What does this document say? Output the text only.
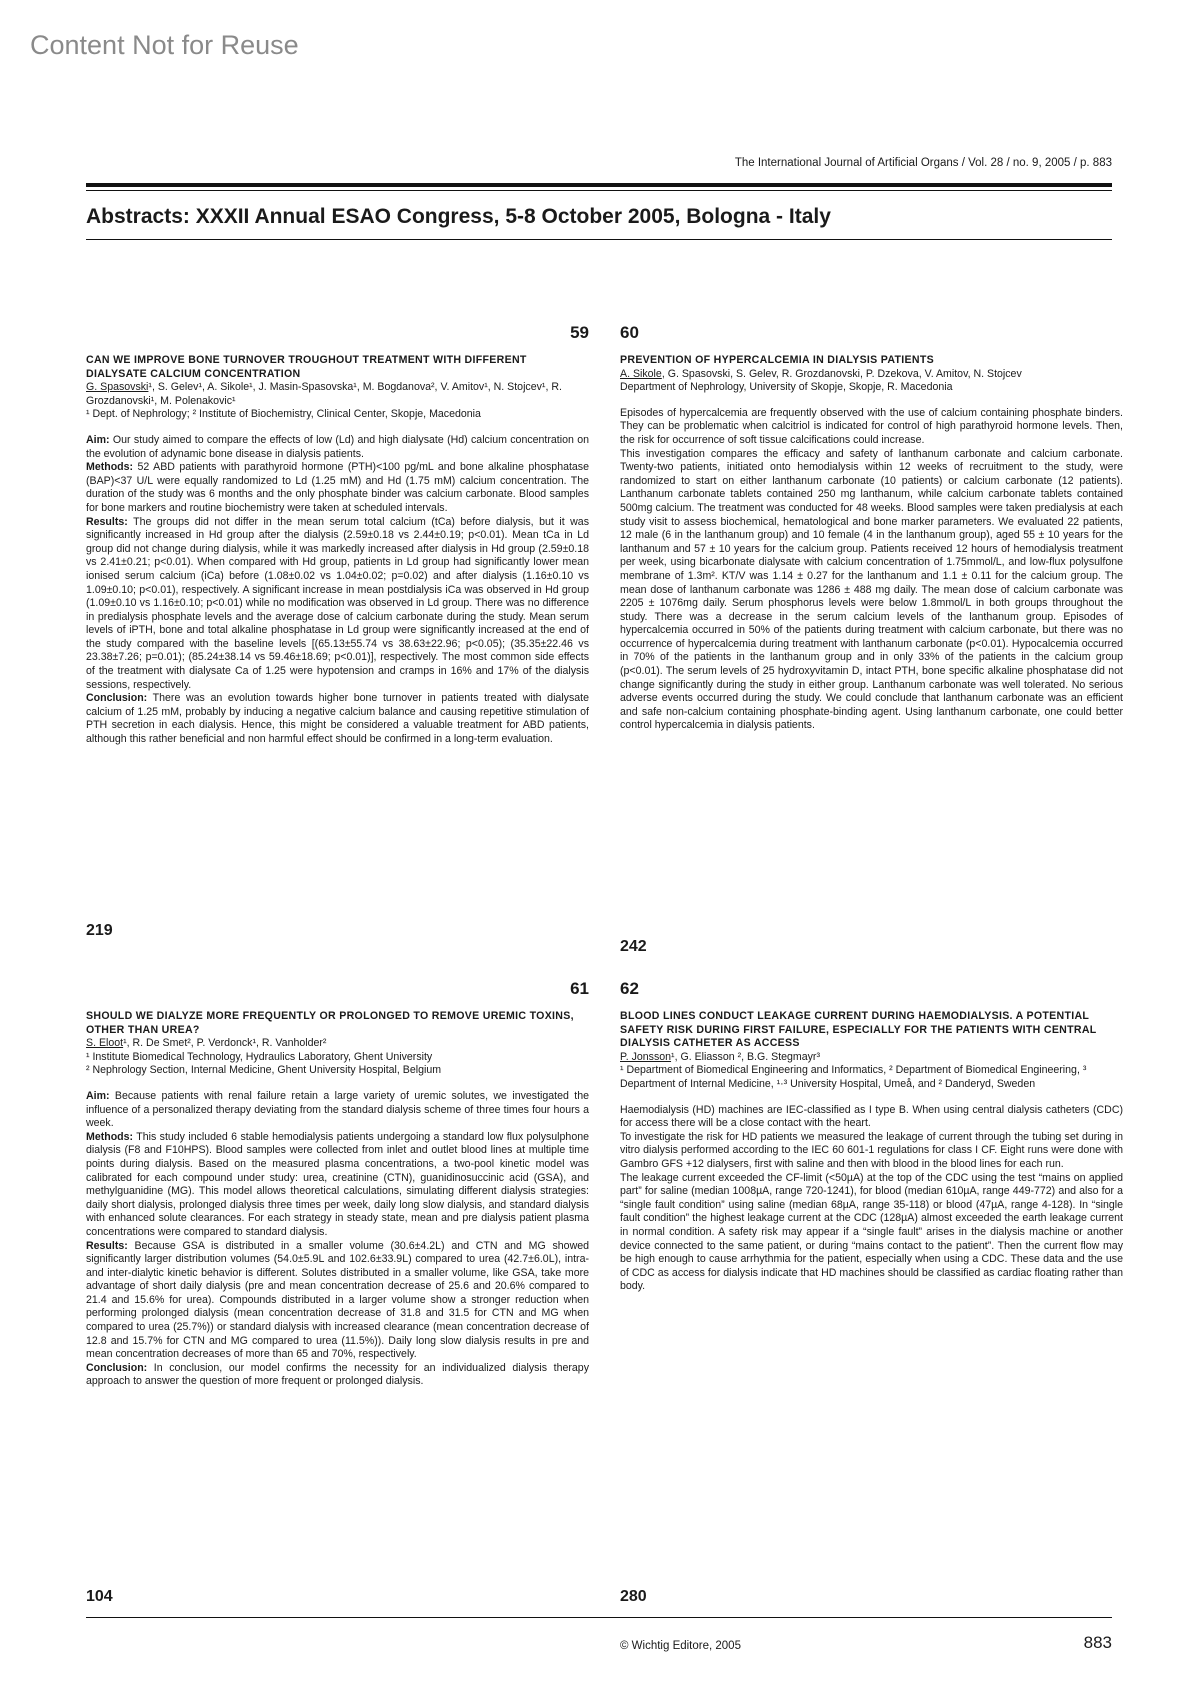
Content Not for Reuse
The International Journal of Artificial Organs / Vol. 28 / no. 9, 2005 / p. 883
Abstracts: XXXII Annual ESAO Congress, 5-8 October 2005, Bologna - Italy
59
CAN WE IMPROVE BONE TURNOVER TROUGHOUT TREATMENT WITH DIFFERENT DIALYSATE CALCIUM CONCENTRATION
G. Spasovski¹, S. Gelev¹, A. Sikole¹, J. Masin-Spasovska¹, M. Bogdanova², V. Amitov¹, N. Stojcev¹, R. Grozdanovski¹, M. Polenakovic¹
¹ Dept. of Nephrology; ² Institute of Biochemistry, Clinical Center, Skopje, Macedonia

Aim: Our study aimed to compare the effects of low (Ld) and high dialysate (Hd) calcium concentration on the evolution of adynamic bone disease in dialysis patients.

Methods: 52 ABD patients with parathyroid hormone (PTH)<100 pg/mL and bone alkaline phosphatase (BAP)<37 U/L were equally randomized to Ld (1.25 mM) and Hd (1.75 mM) calcium concentration. The duration of the study was 6 months and the only phosphate binder was calcium carbonate. Blood samples for bone markers and routine biochemistry were taken at scheduled intervals.

Results: The groups did not differ in the mean serum total calcium (tCa) before dialysis, but it was significantly increased in Hd group after the dialysis (2.59±0.18 vs 2.44±0.19; p<0.01). Mean tCa in Ld group did not change during dialysis, while it was markedly increased after dialysis in Hd group (2.59±0.18 vs 2.41±0.21; p<0.01). When compared with Hd group, patients in Ld group had significantly lower mean ionised serum calcium (iCa) before (1.08±0.02 vs 1.04±0.02; p=0.02) and after dialysis (1.16±0.10 vs 1.09±0.10; p<0.01), respectively. A significant increase in mean postdialysis iCa was observed in Hd group (1.09±0.10 vs 1.16±0.10; p<0.01) while no modification was observed in Ld group. There was no difference in predialysis phosphate levels and the average dose of calcium carbonate during the study. Mean serum levels of iPTH, bone and total alkaline phosphatase in Ld group were significantly increased at the end of the study compared with the baseline levels [(65.13±55.74 vs 38.63±22.96; p<0.05); (35.35±22.46 vs 23.38±7.26; p=0.01); (85.24±38.14 vs 59.46±18.69; p<0.01)], respectively. The most common side effects of the treatment with dialysate Ca of 1.25 were hypotension and cramps in 16% and 17% of the dialysis sessions, respectively.

Conclusion: There was an evolution towards higher bone turnover in patients treated with dialysate calcium of 1.25 mM, probably by inducing a negative calcium balance and causing repetitive stimulation of PTH secretion in each dialysis. Hence, this might be considered a valuable treatment for ABD patients, although this rather beneficial and non harmful effect should be confirmed in a long-term evaluation.

60
PREVENTION OF HYPERCALCEMIA IN DIALYSIS PATIENTS
A. Sikole, G. Spasovski, S. Gelev, R. Grozdanovski, P. Dzekova, V. Amitov, N. Stojcev
Department of Nephrology, University of Skopje, Skopje, R. Macedonia

Episodes of hypercalcemia are frequently observed with the use of calcium containing phosphate binders. They can be problematic when calcitriol is indicated for control of high parathyroid hormone levels. Then, the risk for occurrence of soft tissue calcifications could increase.

This investigation compares the efficacy and safety of lanthanum carbonate and calcium carbonate. Twenty-two patients, initiated onto hemodialysis within 12 weeks of recruitment to the study, were randomized to start on either lanthanum carbonate (10 patients) or calcium carbonate (12 patients). Lanthanum carbonate tablets contained 250 mg lanthanum, while calcium carbonate tablets contained 500mg calcium. The treatment was conducted for 48 weeks. Blood samples were taken predialysis at each study visit to assess biochemical, hematological and bone marker parameters. We evaluated 22 patients, 12 male (6 in the lanthanum group) and 10 female (4 in the lanthanum group), aged 55 ± 10 years for the lanthanum and 57 ± 10 years for the calcium group. Patients received 12 hours of hemodialysis treatment per week, using bicarbonate dialysate with calcium concentration of 1.75mmol/L, and low-flux polysulfone membrane of 1.3m². KT/V was 1.14 ± 0.27 for the lanthanum and 1.1 ± 0.11 for the calcium group. The mean dose of lanthanum carbonate was 1286 ± 488 mg daily. The mean dose of calcium carbonate was 2205 ± 1076mg daily. Serum phosphorus levels were below 1.8mmol/L in both groups throughout the study. There was a decrease in the serum calcium levels of the lanthanum group. Episodes of hypercalcemia occurred in 50% of the patients during treatment with calcium carbonate, but there was no occurrence of hypercalcemia during treatment with lanthanum carbonate (p<0.01). Hypocalcemia occurred in 70% of the patients in the lanthanum group and in only 33% of the patients in the calcium group (p<0.01). The serum levels of 25 hydroxyvitamin D, intact PTH, bone specific alkaline phosphatase did not change significantly during the study in either group. Lanthanum carbonate was well tolerated. No serious adverse events occurred during the study. We could conclude that lanthanum carbonate was an efficient and safe non-calcium containing phosphate-binding agent. Using lanthanum carbonate, one could better control hypercalcemia in dialysis patients.

61
SHOULD WE DIALYZE MORE FREQUENTLY OR PROLONGED TO REMOVE UREMIC TOXINS, OTHER THAN UREA?
S. Eloot¹, R. De Smet², P. Verdonck¹, R. Vanholder²
¹ Institute Biomedical Technology, Hydraulics Laboratory, Ghent University
² Nephrology Section, Internal Medicine, Ghent University Hospital, Belgium

Aim: Because patients with renal failure retain a large variety of uremic solutes, we investigated the influence of a personalized therapy deviating from the standard dialysis scheme of three times four hours a week.

Methods: This study included 6 stable hemodialysis patients undergoing a standard low flux polysulphone dialysis (F8 and F10HPS). Blood samples were collected from inlet and outlet blood lines at multiple time points during dialysis. Based on the measured plasma concentrations, a two-pool kinetic model was calibrated for each compound under study: urea, creatinine (CTN), guanidinosuccinic acid (GSA), and methylguanidine (MG). This model allows theoretical calculations, simulating different dialysis strategies: daily short dialysis, prolonged dialysis three times per week, daily long slow dialysis, and standard dialysis with enhanced solute clearances. For each strategy in steady state, mean and pre dialysis patient plasma concentrations were compared to standard dialysis.

Results: Because GSA is distributed in a smaller volume (30.6±4.2L) and CTN and MG showed significantly larger distribution volumes (54.0±5.9L and 102.6±33.9L) compared to urea (42.7±6.0L), intra- and inter-dialytic kinetic behavior is different. Solutes distributed in a smaller volume, like GSA, take more advantage of short daily dialysis (pre and mean concentration decrease of 25.6 and 20.6% compared to 21.4 and 15.6% for urea). Compounds distributed in a larger volume show a stronger reduction when performing prolonged dialysis (mean concentration decrease of 31.8 and 31.5 for CTN and MG when compared to urea (25.7%)) or standard dialysis with increased clearance (mean concentration decrease of 12.8 and 15.7% for CTN and MG compared to urea (11.5%)). Daily long slow dialysis results in pre and mean concentration decreases of more than 65 and 70%, respectively.

Conclusion: In conclusion, our model confirms the necessity for an individualized dialysis therapy approach to answer the question of more frequent or prolonged dialysis.

62
BLOOD LINES CONDUCT LEAKAGE CURRENT DURING HAEMODIALYSIS. A POTENTIAL SAFETY RISK DURING FIRST FAILURE, ESPECIALLY FOR THE PATIENTS WITH CENTRAL DIALYSIS CATHETER AS ACCESS
P. Jonsson¹, G. Eliasson ², B.G. Stegmayr³
¹ Department of Biomedical Engineering and Informatics, ² Department of Biomedical Engineering, ³ Department of Internal Medicine, ¹·³ University Hospital, Umeå, and ² Danderyd, Sweden

Haemodialysis (HD) machines are IEC-classified as I type B. When using central dialysis catheters (CDC) for access there will be a close contact with the heart.

To investigate the risk for HD patients we measured the leakage of current through the tubing set during in vitro dialysis performed according to the IEC 60 601-1 regulations for class I CF. Eight runs were done with Gambro GFS +12 dialysers, first with saline and then with blood in the blood lines for each run.

The leakage current exceeded the CF-limit (<50µA) at the top of the CDC using the test “mains on applied part” for saline (median 1008µA, range 720-1241), for blood (median 610µA, range 449-772) and also for a “single fault condition” using saline (median 68µA, range 35-118) or blood (47µA, range 4-128). In “single fault condition” the highest leakage current at the CDC (128µA) almost exceeded the earth leakage current in normal condition. A safety risk may appear if a “single fault” arises in the dialysis machine or another device connected to the same patient, or during “mains contact to the patient”. Then the current flow may be high enough to cause arrhythmia for the patient, especially when using a CDC. These data and the use of CDC as access for dialysis indicate that HD machines should be classified as cardiac floating rather than body.

219
242
104	280
© Wichtig Editore, 2005	883
